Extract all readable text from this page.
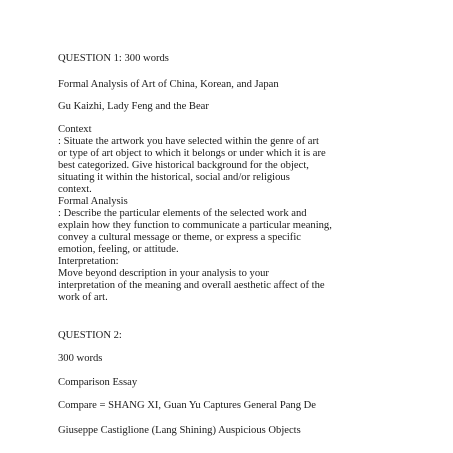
QUESTION 1: 300 words

Formal Analysis of Art of China, Korean, and Japan

Gu Kaizhi, Lady Feng and the Bear

Context

: Situate the artwork you have selected within the genre of art

or type of art object to which it belongs or under which it is are

best categorized. Give historical background for the object,

situating it within the historical, social and/or religious

context.

Formal Analysis

: Describe the particular elements of the selected work and

explain how they function to communicate a particular meaning,

convey a cultural message or theme, or express a specific

emotion, feeling, or attitude.

Interpretation:

Move beyond description in your analysis to your

interpretation of the meaning and overall aesthetic affect of the

work of art.

QUESTION 2:

300 words

Comparison Essay

Compare = SHANG XI, Guan Yu Captures General Pang De

Giuseppe Castiglione (Lang Shining) Auspicious Objects
